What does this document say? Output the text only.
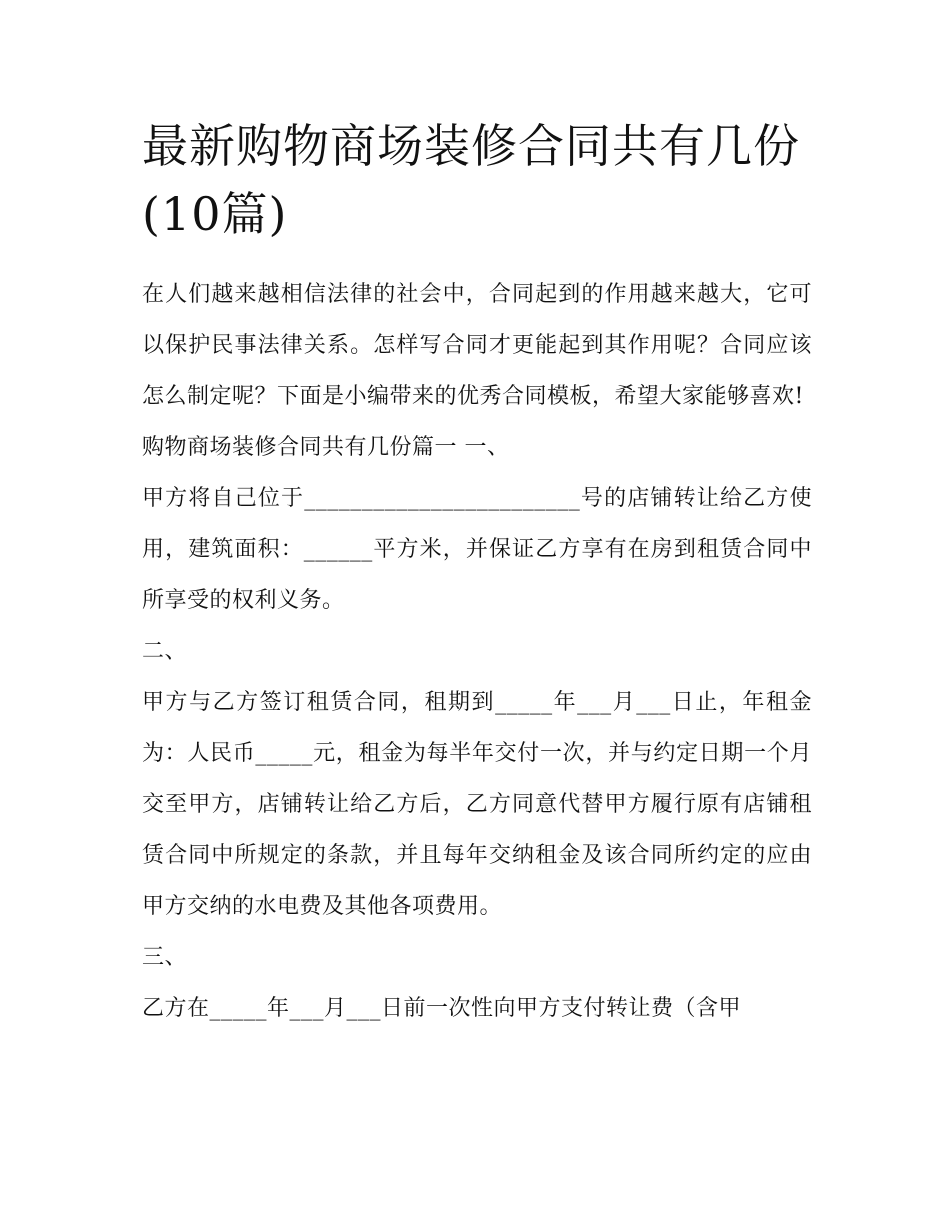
最新购物商场装修合同共有几份(10篇)

在人们越来越相信法律的社会中，合同起到的作用越来越大，它可以保护民事法律关系。怎样写合同才更能起到其作用呢？合同应该怎么制定呢？下面是小编带来的优秀合同模板，希望大家能够喜欢!

购物商场装修合同共有几份篇一 一、

甲方将自己位于________________________号的店铺转让给乙方使用，建筑面积：______平方米，并保证乙方享有在房到租赁合同中所享受的权利义务。

二、

甲方与乙方签订租赁合同，租期到_____年___月___日止，年租金为：人民币_____元，租金为每半年交付一次，并与约定日期一个月交至甲方，店铺转让给乙方后，乙方同意代替甲方履行原有店铺租赁合同中所规定的条款，并且每年交纳租金及该合同所约定的应由甲方交纳的水电费及其他各项费用。

三、

乙方在_____年___月___日前一次性向甲方支付转让费（含甲
